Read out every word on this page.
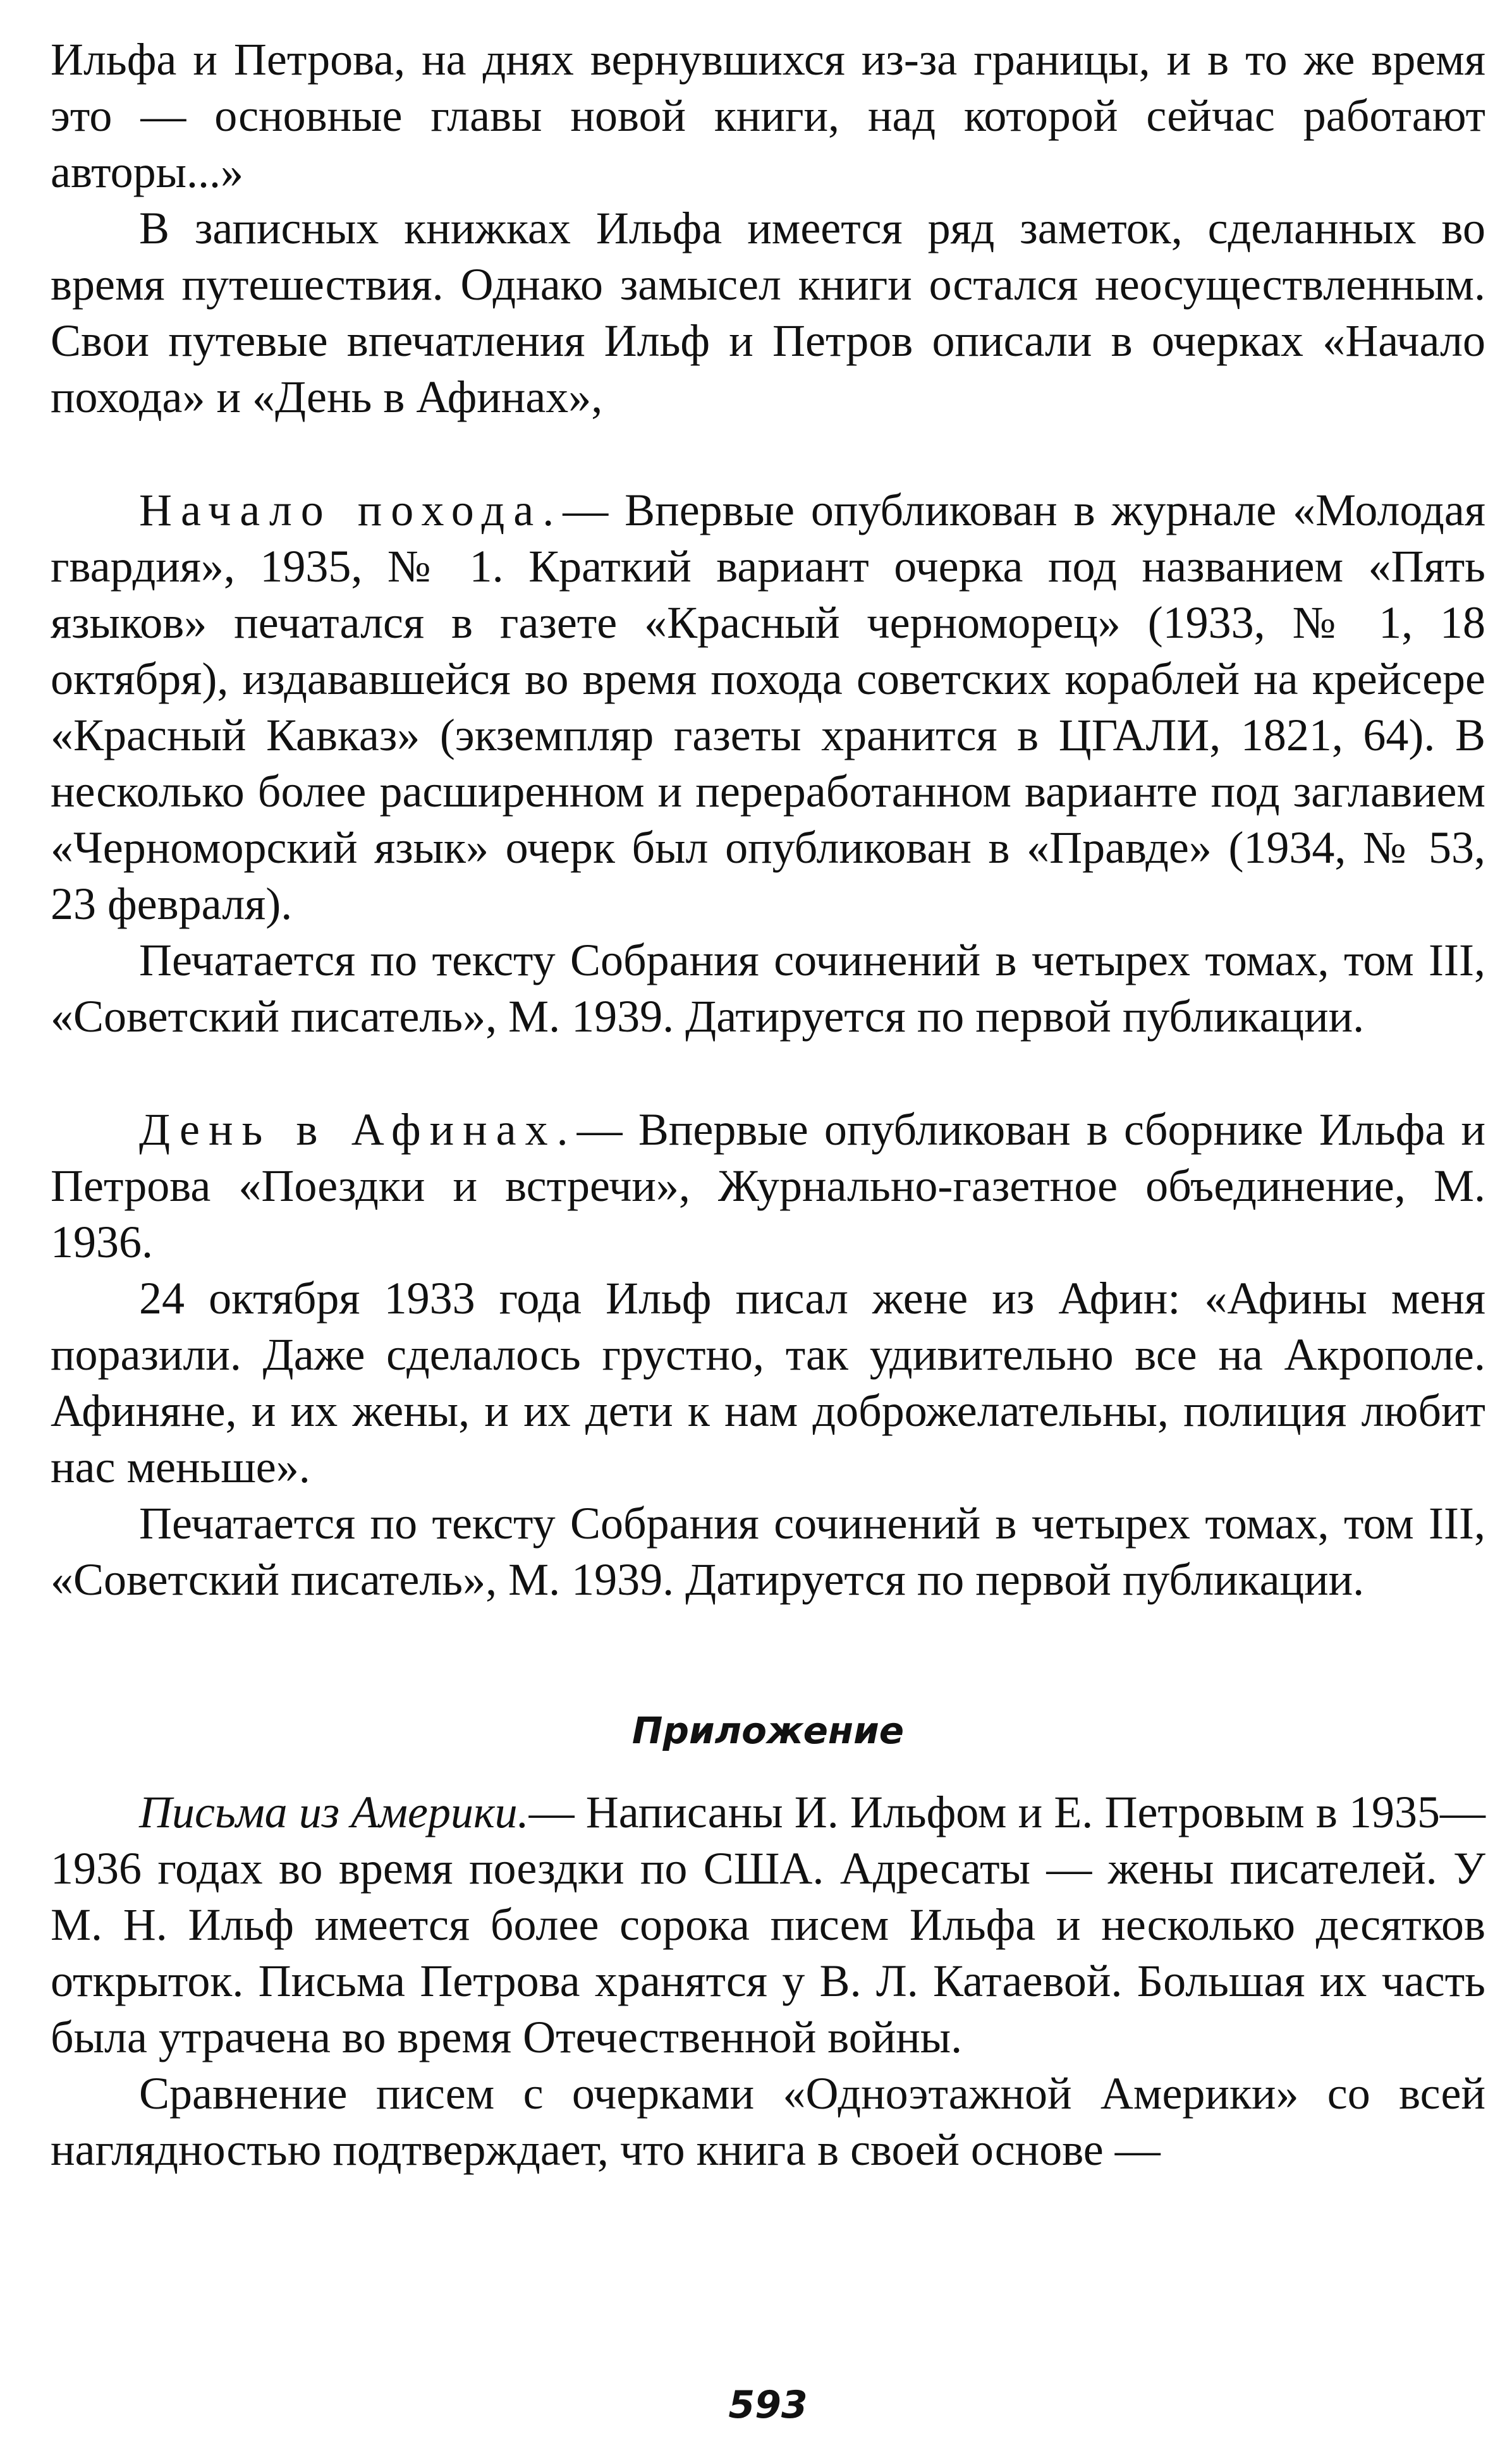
Ильфа и Петрова, на днях вернувшихся из-за границы, и в то же время это — основные главы новой книги, над которой сейчас работают авторы...»

В записных книжках Ильфа имеется ряд заметок, сделанных во время путешествия. Однако замысел книги остался неосуществленным. Свои путевые впечатления Ильф и Петров описали в очерках «Начало похода» и «День в Афинах»,

Начало похода.— Впервые опубликован в журнале «Молодая гвардия», 1935, № 1. Краткий вариант очерка под названием «Пять языков» печатался в газете «Красный черноморец» (1933, № 1, 18 октября), издававшейся во время похода советских кораблей на крейсере «Красный Кавказ» (экземпляр газеты хранится в ЦГАЛИ, 1821, 64). В несколько более расширенном и переработанном варианте под заглавием «Черноморский язык» очерк был опубликован в «Правде» (1934, № 53, 23 февраля).

Печатается по тексту Собрания сочинений в четырех томах, том III, «Советский писатель», М. 1939. Датируется по первой публикации.

День в Афинах.— Впервые опубликован в сборнике Ильфа и Петрова «Поездки и встречи», Журнально-газетное объединение, М. 1936.

24 октября 1933 года Ильф писал жене из Афин: «Афины меня поразили. Даже сделалось грустно, так удивительно все на Акрополе. Афиняне, и их жены, и их дети к нам доброжелательны, полиция любит нас меньше».

Печатается по тексту Собрания сочинений в четырех томах, том III, «Советский писатель», М. 1939. Датируется по первой публикации.

Приложение

Письма из Америки.— Написаны И. Ильфом и Е. Петровым в 1935—1936 годах во время поездки по США. Адресаты — жены писателей. У М. Н. Ильф имеется более сорока писем Ильфа и несколько десятков открыток. Письма Петрова хранятся у В. Л. Катаевой. Большая их часть была утрачена во время Отечественной войны.

Сравнение писем с очерками «Одноэтажной Америки» со всей наглядностью подтверждает, что книга в своей основе —

593
